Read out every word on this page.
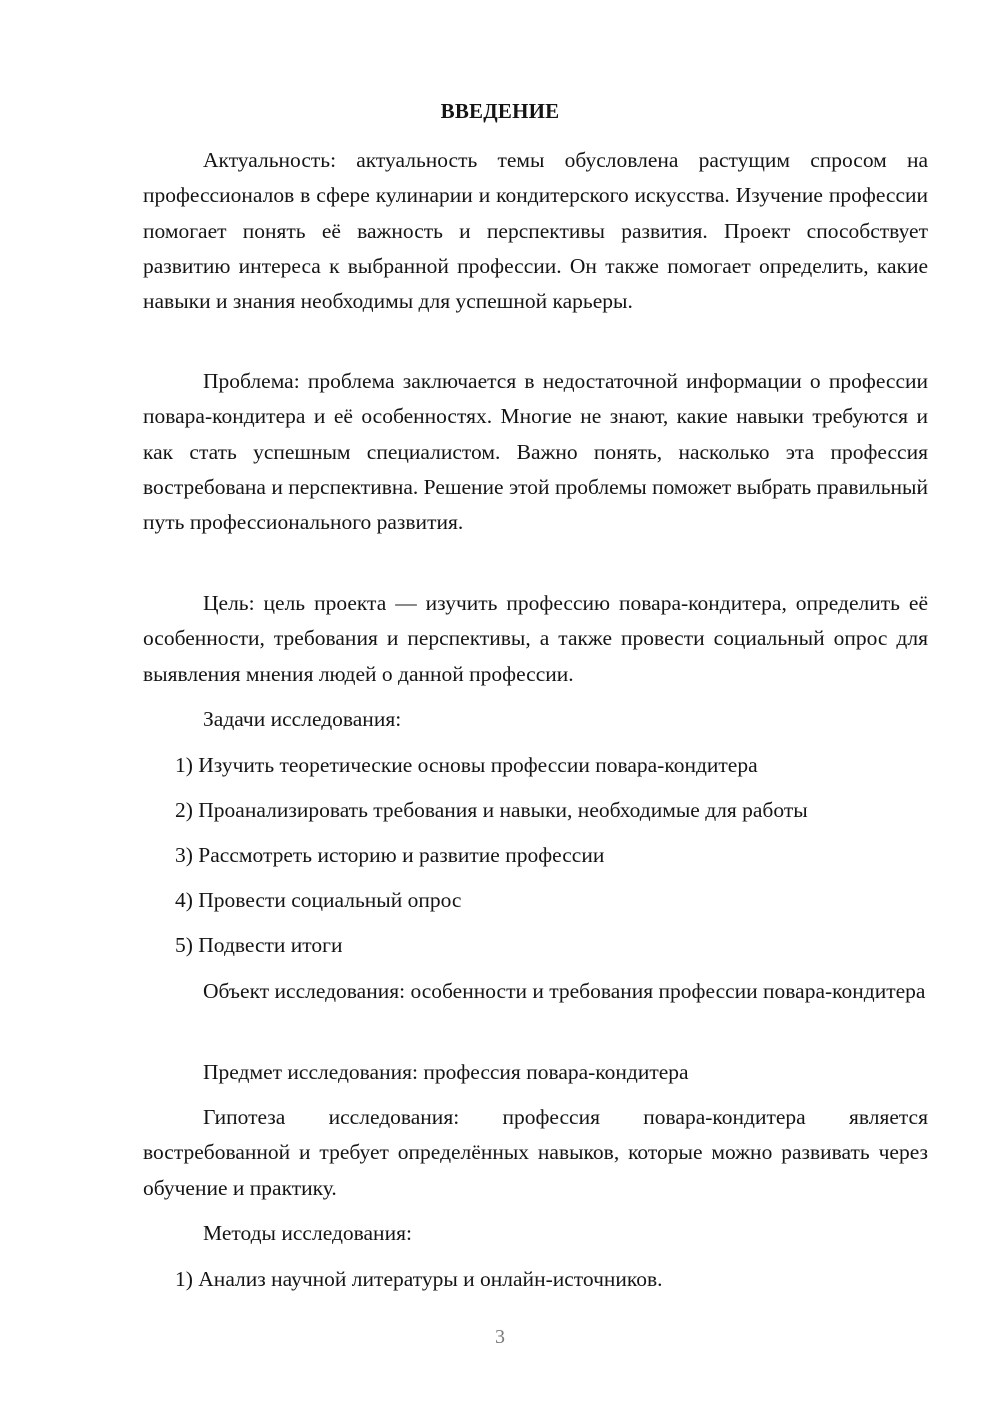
ВВЕДЕНИЕ

Актуальность: актуальность темы обусловлена растущим спросом на профессионалов в сфере кулинарии и кондитерского искусства. Изучение профессии помогает понять её важность и перспективы развития. Проект способствует развитию интереса к выбранной профессии. Он также помогает определить, какие навыки и знания необходимы для успешной карьеры.

Проблема: проблема заключается в недостаточной информации о профессии повара-кондитера и её особенностях. Многие не знают, какие навыки требуются и как стать успешным специалистом. Важно понять, насколько эта профессия востребована и перспективна. Решение этой проблемы поможет выбрать правильный путь профессионального развития.

Цель: цель проекта — изучить профессию повара-кондитера, определить её особенности, требования и перспективы, а также провести социальный опрос для выявления мнения людей о данной профессии.

Задачи исследования:

1) Изучить теоретические основы профессии повара-кондитера

2) Проанализировать требования и навыки, необходимые для работы

3) Рассмотреть историю и развитие профессии

4) Провести социальный опрос

5) Подвести итоги

Объект исследования: особенности и требования профессии повара-кондитера

Предмет исследования: профессия повара-кондитера

Гипотеза исследования: профессия повара-кондитера является востребованной и требует определённых навыков, которые можно развивать через обучение и практику.

Методы исследования:

1) Анализ научной литературы и онлайн-источников.

3
